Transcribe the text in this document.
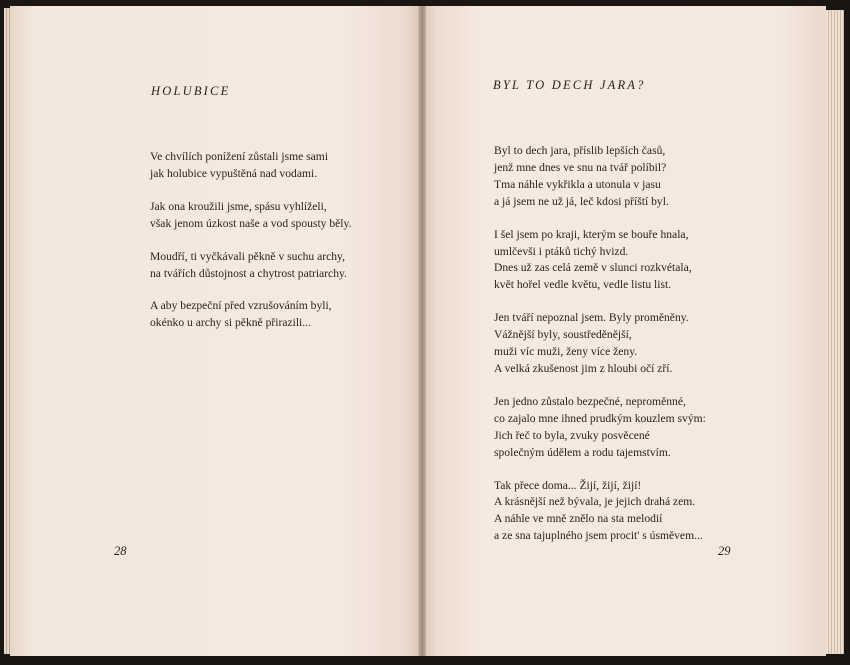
HOLUBICE
Ve chvílích ponížení zůstali jsme sami
jak holubice vypuštěná nad vodami.
Jak ona kroužili jsme, spásu vyhlíželi,
však jenom úzkost naše a vod spousty běly.
Moudří, ti vyčkávali pěkně v suchu archy,
na tvářích důstojnost a chytrost patriarchy.
A aby bezpeční před vzrušováním byli,
okénko u archy si pěkně přirazili...
BYL TO DECH JARA?
Byl to dech jara, příslib lepších časů,
jenž mne dnes ve snu na tvář políbil?
Tma náhle vykřikla a utonula v jasu
a já jsem ne už já, leč kdosi příští byl.
I šel jsem po kraji, kterým se bouře hnala,
umlčevši i ptáků tichý hvizd.
Dnes už zas celá země v slunci rozkvétala,
květ hořel vedle květu, vedle listu list.
Jen tváří nepoznal jsem. Byly proměněny.
Vážnější byly, soustředěnější,
muži víc muži, ženy více ženy.
A velká zkušenost jim z hloubi očí zří.
Jen jedno zůstalo bezpečné, neproměnné,
co zajalo mne ihned prudkým kouzlem svým:
Jich řeč to byla, zvuky posvěcené
společným údělem a rodu tajemstvím.
Tak přece doma... Žijí, žijí, žijí!
A krásnější než bývala, je jejich drahá zem.
A náhle ve mně znělo na sta melodií
a ze sna tajuplného jsem procit' s úsměvem...
28	29
